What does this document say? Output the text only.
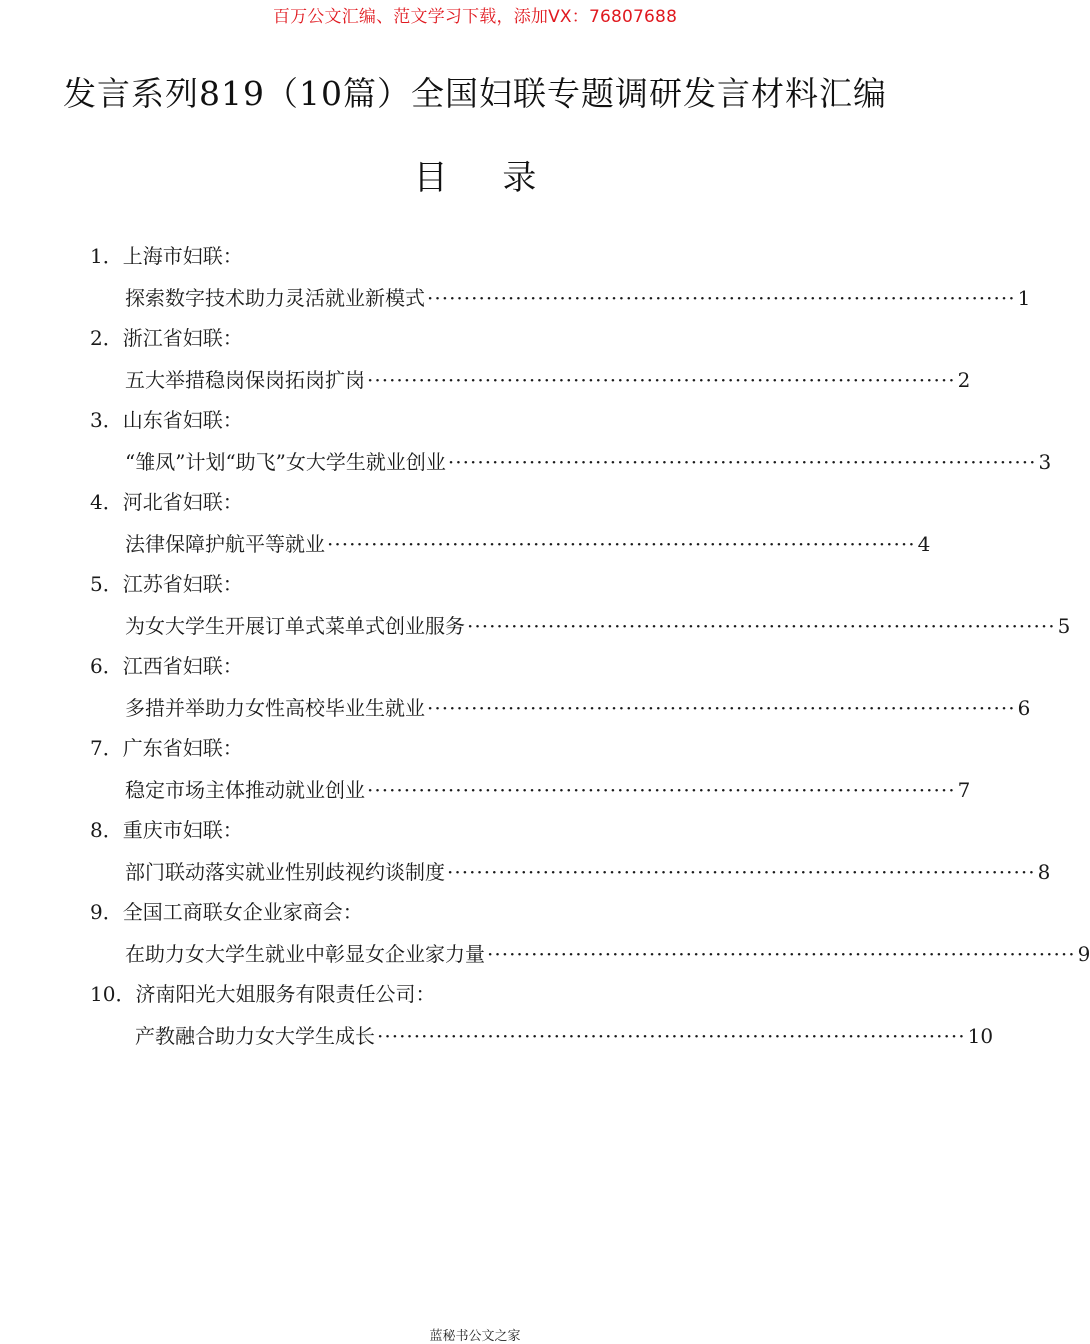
百万公文汇编、范文学习下载，添加VX：76807688
发言系列819（10篇）全国妇联专题调研发言材料汇编
目 录
1．上海市妇联：
探索数字技术助力灵活就业新模式 ················································································ 1
2．浙江省妇联：
五大举措稳岗保岗拓岗扩岗 ················································································ 2
3．山东省妇联：
“雏凤”计划“助飞”女大学生就业创业 ················································································ 3
4．河北省妇联：
法律保障护航平等就业 ················································································ 4
5．江苏省妇联：
为女大学生开展订单式菜单式创业服务 ················································································ 5
6．江西省妇联：
多措并举助力女性高校毕业生就业 ················································································ 6
7．广东省妇联：
稳定市场主体推动就业创业 ················································································ 7
8．重庆市妇联：
部门联动落实就业性别歧视约谈制度 ················································································ 8
9．全国工商联女企业家商会：
在助力女大学生就业中彰显女企业家力量 ················································································ 9
10．济南阳光大姐服务有限责任公司：
产教融合助力女大学生成长 ················································································ 10
蓝秘书公文之家
